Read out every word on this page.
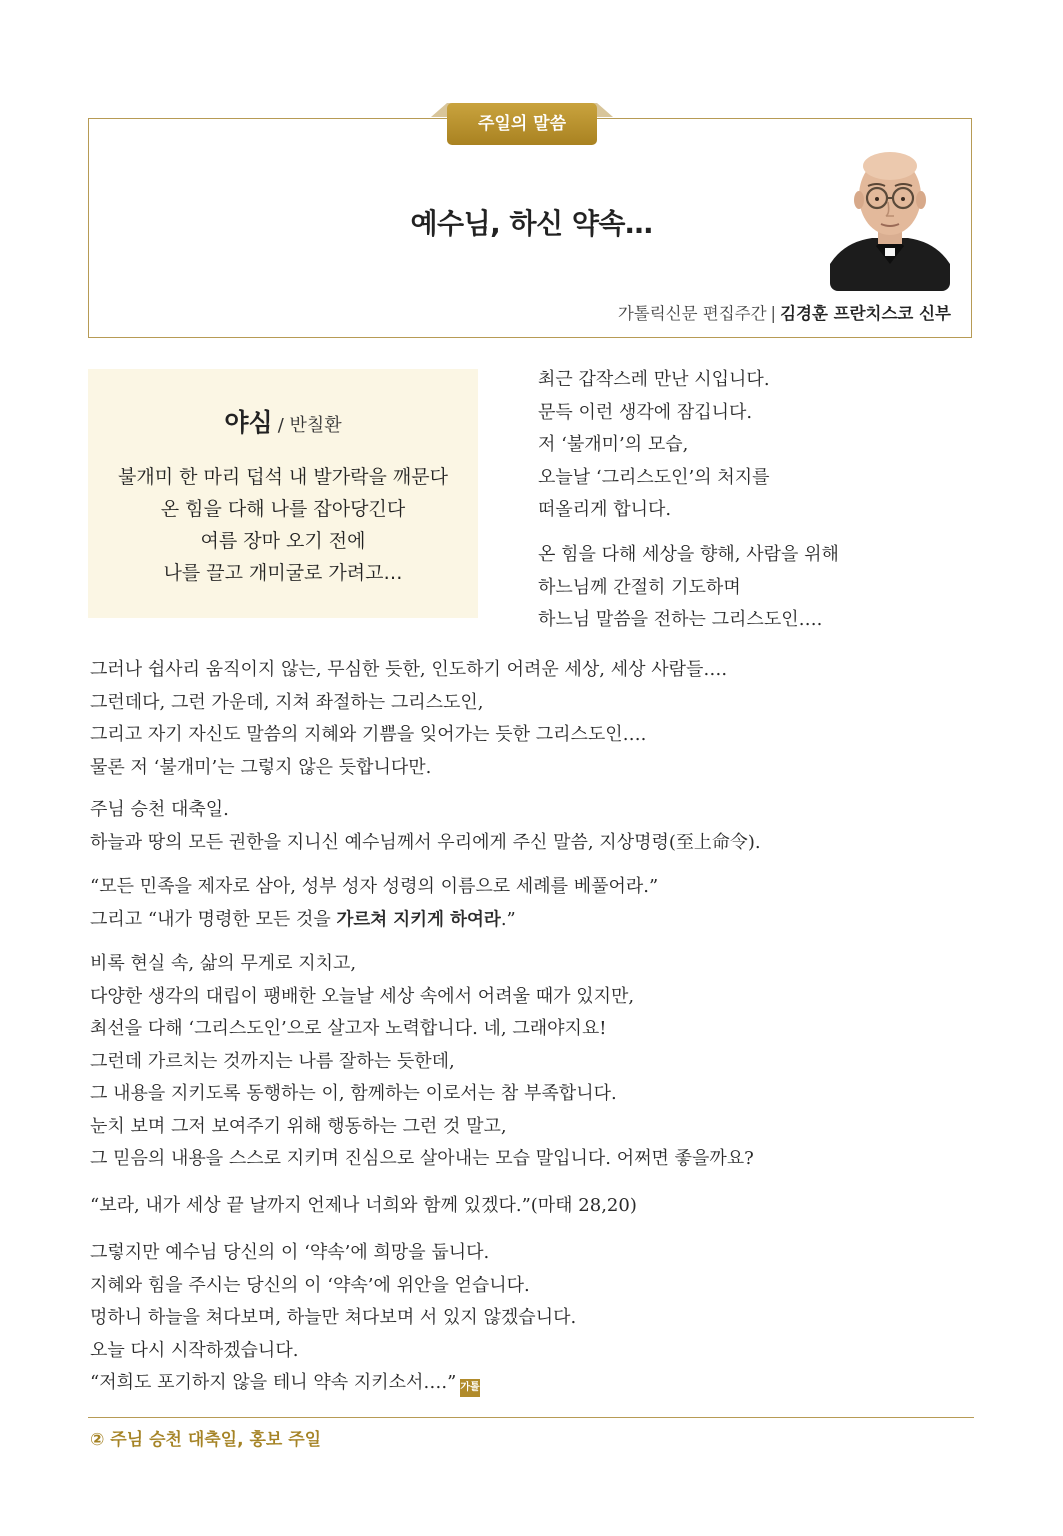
주일의 말씀
예수님, 하신 약속…
가톨릭신문 편집주간 | 김경훈 프란치스코 신부
야심 / 반칠환
불개미 한 마리 덥석 내 발가락을 깨문다
온 힘을 다해 나를 잡아당긴다
여름 장마 오기 전에
나를 끌고 개미굴로 가려고…
최근 갑작스레 만난 시입니다.
문득 이런 생각에 잠깁니다.
저 ‘불개미’의 모습,
오늘날 ‘그리스도인’의 처지를
떠올리게 합니다.
온 힘을 다해 세상을 향해, 사람을 위해
하느님께 간절히 기도하며
하느님 말씀을 전하는 그리스도인….
그러나 쉽사리 움직이지 않는, 무심한 듯한, 인도하기 어려운 세상, 세상 사람들….
그런데다, 그런 가운데, 지쳐 좌절하는 그리스도인,
그리고 자기 자신도 말씀의 지혜와 기쁨을 잊어가는 듯한 그리스도인….
물론 저 ‘불개미’는 그렇지 않은 듯합니다만.
주님 승천 대축일.
하늘과 땅의 모든 권한을 지니신 예수님께서 우리에게 주신 말씀, 지상명령(至上命令).
“모든 민족을 제자로 삼아, 성부 성자 성령의 이름으로 세례를 베풀어라.”
그리고 “내가 명령한 모든 것을 가르쳐 지키게 하여라.”
비록 현실 속, 삶의 무게로 지치고,
다양한 생각의 대립이 팽배한 오늘날 세상 속에서 어려울 때가 있지만,
최선을 다해 ‘그리스도인’으로 살고자 노력합니다. 네, 그래야지요!
그런데 가르치는 것까지는 나름 잘하는 듯한데,
그 내용을 지키도록 동행하는 이, 함께하는 이로서는 참 부족합니다.
눈치 보며 그저 보여주기 위해 행동하는 그런 것 말고,
그 믿음의 내용을 스스로 지키며 진심으로 살아내는 모습 말입니다. 어쩌면 좋을까요?
“보라, 내가 세상 끝 날까지 언제나 너희와 함께 있겠다.”(마태 28,20)
그렇지만 예수님 당신의 이 ‘약속’에 희망을 둡니다.
지혜와 힘을 주시는 당신의 이 ‘약속’에 위안을 얻습니다.
멍하니 하늘을 쳐다보며, 하늘만 쳐다보며 서 있지 않겠습니다.
오늘 다시 시작하겠습니다.
“저희도 포기하지 않을 테니 약속 지키소서….” 가톨릭
② 주님 승천 대축일, 홍보 주일
